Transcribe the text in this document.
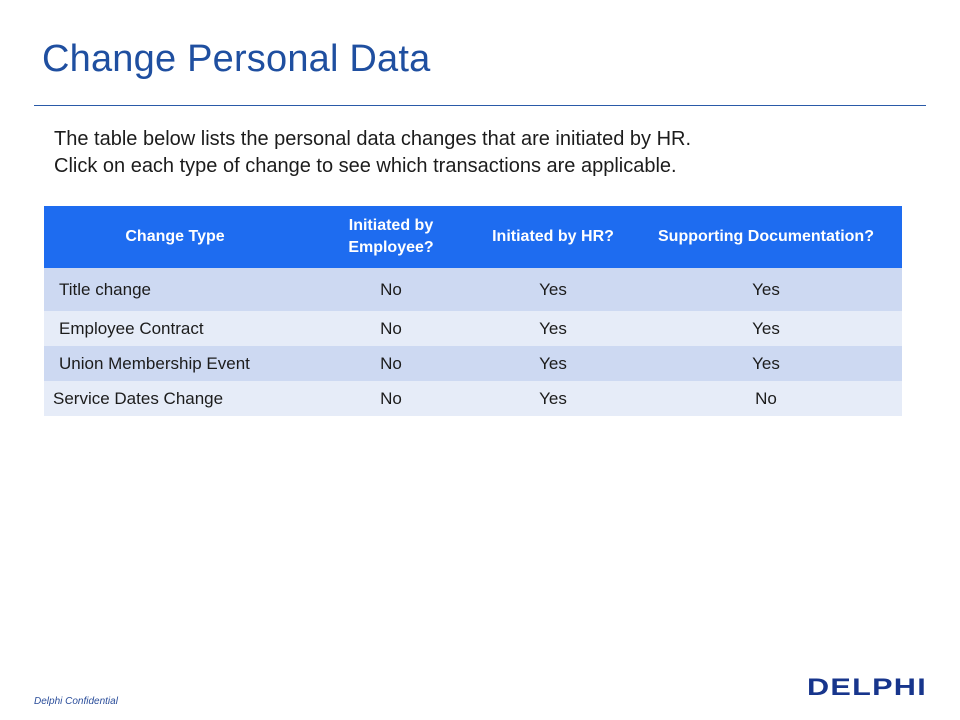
Change Personal Data
The table below lists the personal data changes that are initiated by HR.
Click on each type of change to see which transactions are applicable.
Change Type	Initiated by Employee?	Initiated by HR?	Supporting Documentation?
Title change	No	Yes	Yes
Employee Contract	No	Yes	Yes
Union Membership Event	No	Yes	Yes
Service Dates Change	No	Yes	No
Delphi Confidential
DELPHI
